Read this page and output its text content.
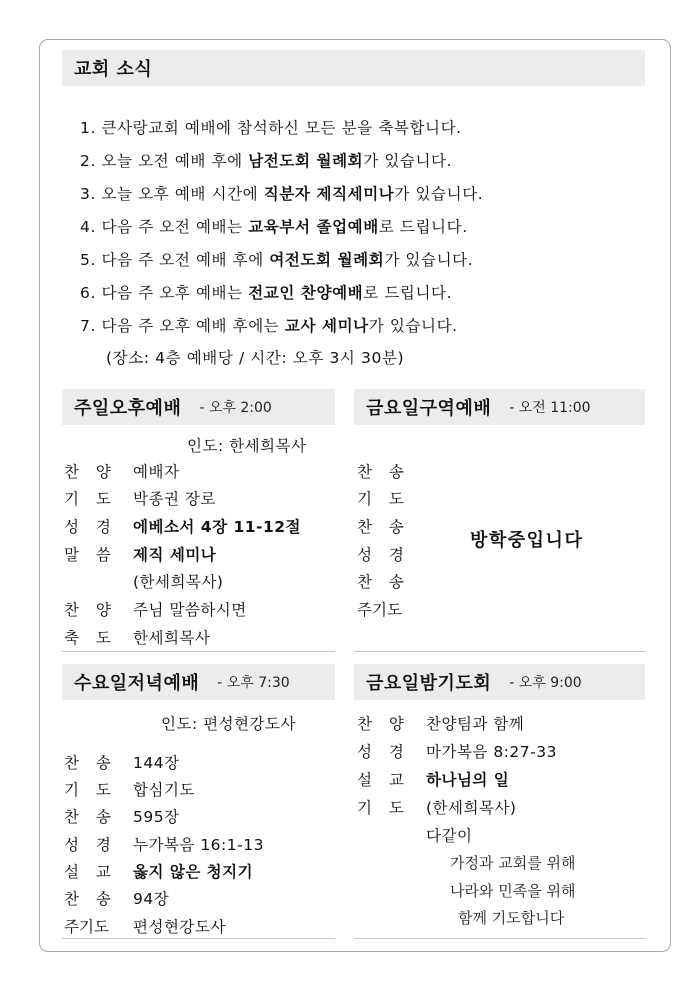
교회 소식
1. 큰사랑교회 예배에 참석하신 모든 분을 축복합니다.
2. 오늘 오전 예배 후에 남전도회 월례회가 있습니다.
3. 오늘 오후 예배 시간에 직분자 제직세미나가 있습니다.
4. 다음 주 오전 예배는 교육부서 졸업예배로 드립니다.
5. 다음 주 오전 예배 후에 여전도회 월례회가 있습니다.
6. 다음 주 오후 예배는 전교인 찬양예배로 드립니다.
7. 다음 주 오후 예배 후에는 교사 세미나가 있습니다.
(장소: 4층 예배당 / 시간: 오후 3시 30분)
주일오후예배 - 오후 2:00
인도: 한세희목사
찬 양 예배자
기 도 박종권 장로
성 경 에베소서 4장 11-12절
말 씀 제직 세미나
(한세희목사)
찬 양 주님 말씀하시면
축 도 한세희목사
금요일구역예배 - 오전 11:00
찬 송
기 도
찬 송
성 경
찬 송
주기도
방학중입니다
수요일저녁예배 - 오후 7:30
인도: 편성현강도사
찬 송 144장
기 도 합심기도
찬 송 595장
성 경 누가복음 16:1-13
설 교 옳지 않은 청지기
찬 송 94장
주기도 편성현강도사
금요일밤기도회 - 오후 9:00
찬 양 찬양팀과 함께
성 경 마가복음 8:27-33
설 교 하나님의 일
기 도 (한세희목사)
다같이
가정과 교회를 위해
나라와 민족을 위해
함께 기도합니다
